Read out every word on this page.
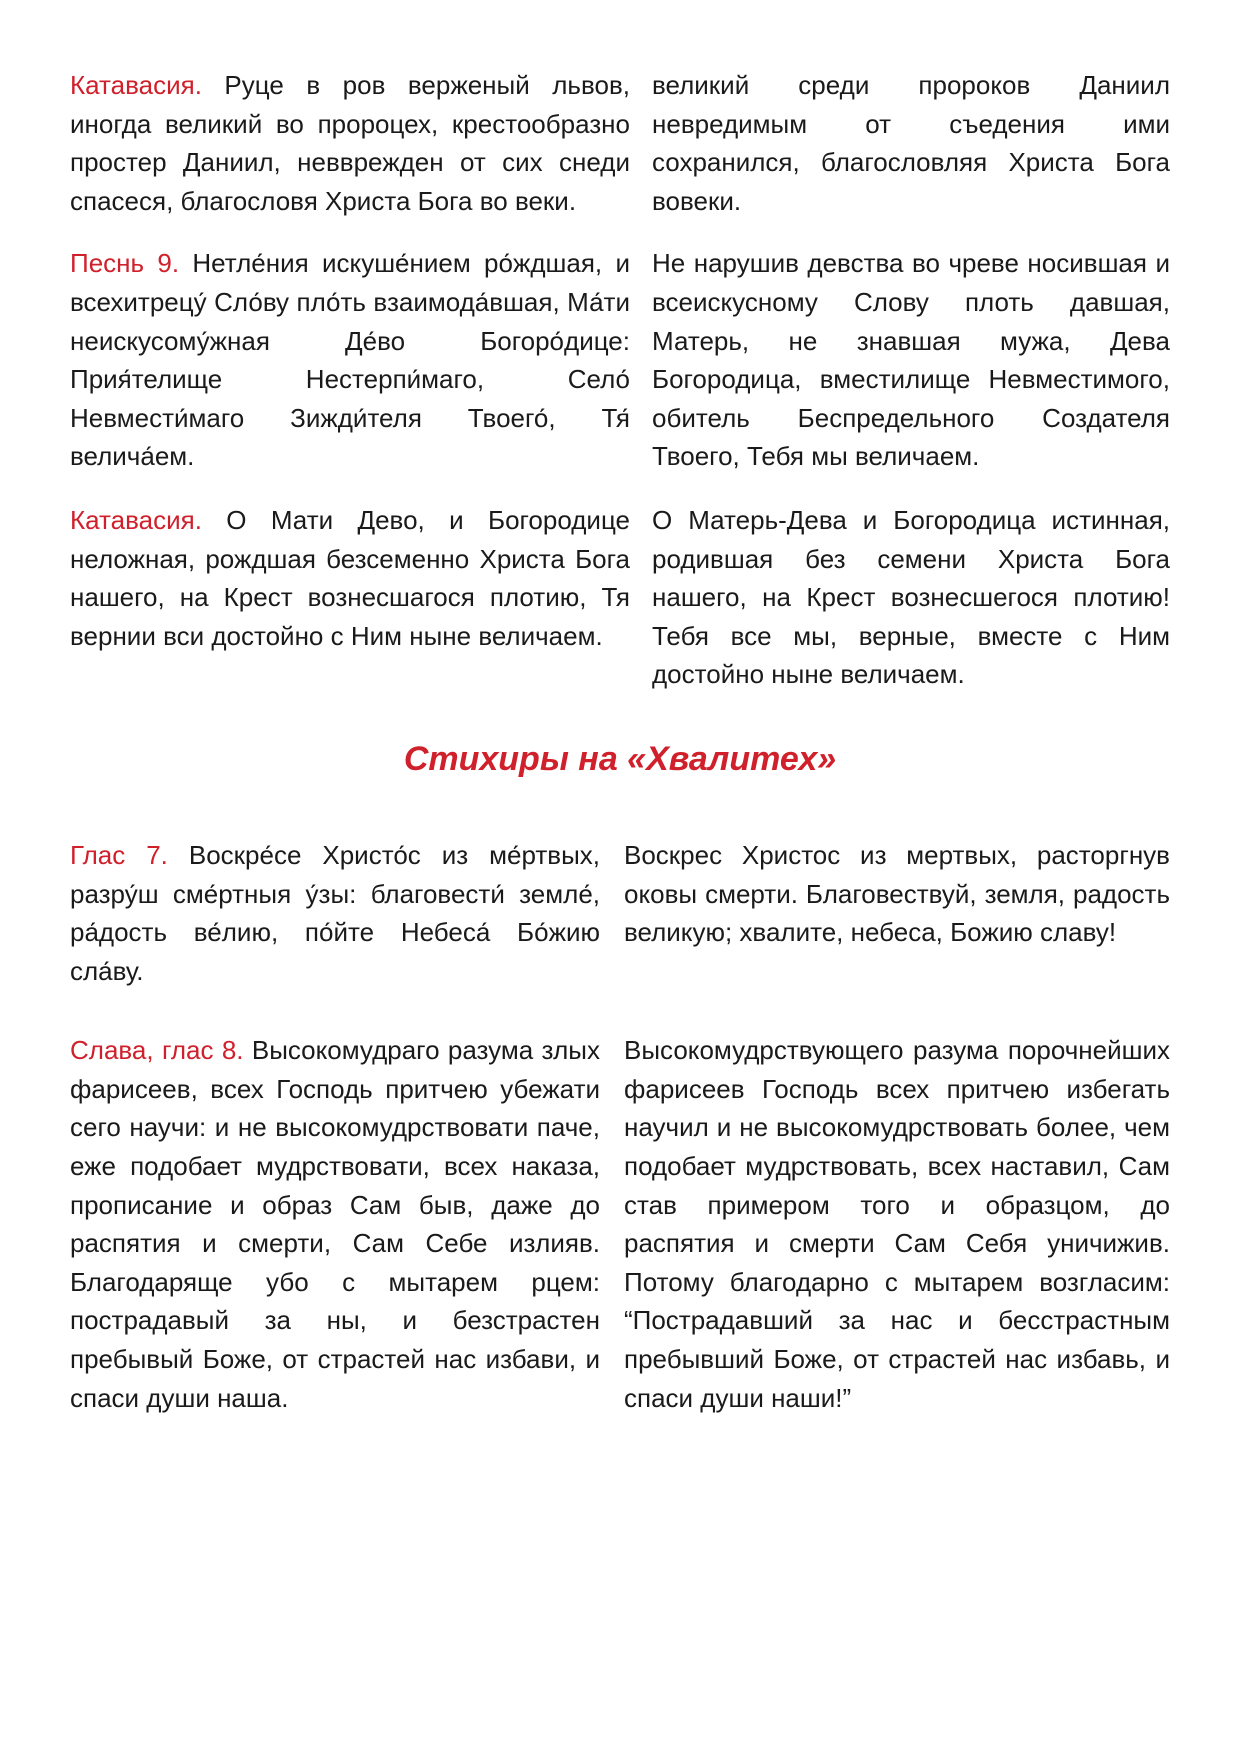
Катавасия. Руце в ров верженый львов, иногда великий во пророцех, крестообразно простер Даниил, невврежден от сих снеди спасеся, благословя Христа Бога во веки.
великий среди пророков Даниил невредимым от съедения ими сохранился, благословляя Христа Бога вовеки.
Песнь 9. Нетле́ния искуше́нием ро́ждшая, и всехитрецу́ Сло́ву пло́ть взаимода́вшая, Ма́ти неискусому́жная Де́во Богоро́дице: Прия́телище Нестерпи́маго, Село́ Невмести́маго Зижди́теля Твоего́, Тя́ велича́ем.
Не нарушив девства во чреве носившая и всеискусному Слову плоть давшая, Матерь, не знавшая мужа, Дева Богородица, вместилище Невместимого, обитель Беспредельного Создателя Твоего, Тебя мы величаем.
Катавасия. О Мати Дево, и Богородице неложная, рождшая безсеменно Христа Бога нашего, на Крест вознесшагося плотию, Тя вернии вси достойно с Ним ныне величаем.
О Матерь-Дева и Богородица истинная, родившая без семени Христа Бога нашего, на Крест вознесшегося плотию! Тебя все мы, верные, вместе с Ним достойно ныне величаем.
Стихиры на «Хвалитех»
Глас 7. Воскре́се Христо́с из ме́ртвых, разру́ш сме́ртныя у́зы: благовести́ земле́, ра́дость ве́лию, по́йте Небеса́ Бо́жию сла́ву.
Воскрес Христос из мертвых, расторгнув оковы смерти. Благовествуй, земля, радость великую; хвалите, небеса, Божию славу!
Слава, глас 8. Высокомудраго разума злых фарисеев, всех Господь притчею убежати сего научи: и не высокомудрствовати паче, еже подобает мудрствовати, всех наказа, прописание и образ Сам быв, даже до распятия и смерти, Сам Себе излияв. Благодаряще убо с мытарем рцем: пострадавый за ны, и безстрастен пребывый Боже, от страстей нас избави, и спаси души наша.
Высокомудрствующего разума порочнейших фарисеев Господь всех притчею избегать научил и не высокомудрствовать более, чем подобает мудрствовать, всех наставил, Сам став примером того и образцом, до распятия и смерти Сам Себя уничижив. Потому благодарно с мытарем возгласим: “Пострадавший за нас и бесстрастным пребывший Боже, от страстей нас избавь, и спаси души наши!”
